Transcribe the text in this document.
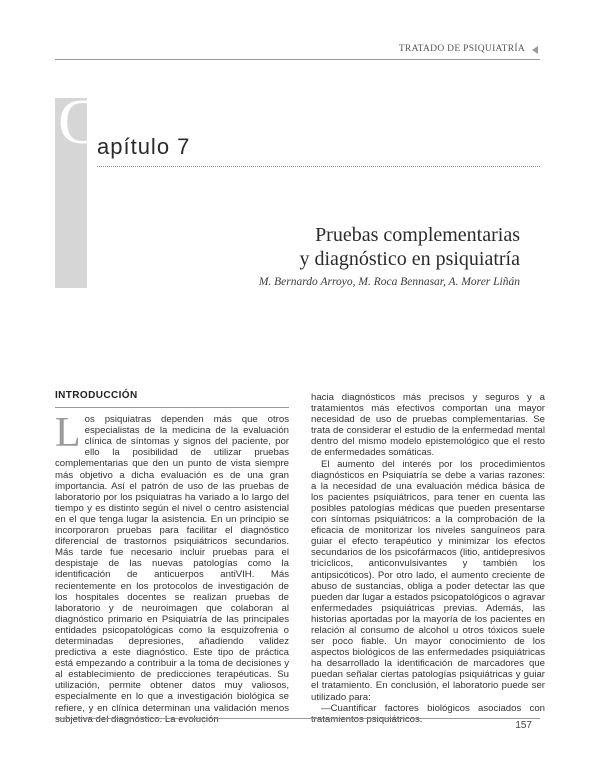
TRATADO DE PSIQUIATRÍA
C
apítulo 7
Pruebas complementarias
y diagnóstico en psiquiatría
M. Bernardo Arroyo, M. Roca Bennasar, A. Morer Liñán
INTRODUCCIÓN

Los psiquiatras dependen más que otros especialistas de la medicina de la evaluación clínica de síntomas y signos del paciente, por ello la posibilidad de utilizar pruebas complementarias que den un punto de vista siempre más objetivo a dicha evaluación es de una gran importancia. Así el patrón de uso de las pruebas de laboratorio por los psiquiatras ha variado a lo largo del tiempo y es distinto según el nivel o centro asistencial en el que tenga lugar la asistencia. En un principio se incorporaron pruebas para facilitar el diagnóstico diferencial de trastornos psiquiátricos secundarios. Más tarde fue necesario incluir pruebas para el despistaje de las nuevas patologías como la identificación de anticuerpos antiVIH. Más recientemente en los protocolos de investigación de los hospitales docentes se realizan pruebas de laboratorio y de neuroimagen que colaboran al diagnóstico primario en Psiquiatría de las principales entidades psicopatológicas como la esquizofrenia o determinadas depresiones, añadiendo validez predictiva a este diagnóstico. Este tipo de práctica está empezando a contribuir a la toma de decisiones y al establecimiento de predicciones terapéuticas. Su utilización, permite obtener datos muy valiosos, especialmente en lo que a investigación biológica se refiere, y en clínica determinan una validación menos subjetiva del diagnóstico. La evolución

hacia diagnósticos más precisos y seguros y a tratamientos más efectivos comportan una mayor necesidad de uso de pruebas complementarias. Se trata de considerar el estudio de la enfermedad mental dentro del mismo modelo epistemológico que el resto de enfermedades somáticas.

El aumento del interés por los procedimientos diagnósticos en Psiquiatría se debe a varias razones: a la necesidad de una evaluación médica básica de los pacientes psiquiátricos, para tener en cuenta las posibles patologías médicas que pueden presentarse con síntomas psiquiátricos: a la comprobación de la eficacia de monitorizar los niveles sanguíneos para guiar el efecto terapéutico y minimizar los efectos secundarios de los psicofármacos (litio, antidepresivos tricíclicos, anticonvulsivantes y también los antipsicóticos). Por otro lado, el aumento creciente de abuso de sustancias, obliga a poder detectar las que pueden dar lugar a estados psicopatológicos o agravar enfermedades psiquiátricas previas. Además, las historias aportadas por la mayoría de los pacientes en relación al consumo de alcohol u otros tóxicos suele ser poco fiable. Un mayor conocimiento de los aspectos biológicos de las enfermedades psiquiátricas ha desarrollado la identificación de marcadores que puedan señalar ciertas patologías psiquiátricas y guiar el tratamiento. En conclusión, el laboratorio puede ser utilizado para:

—Cuantificar factores biológicos asociados con tratamientos psiquiátricos.

157
